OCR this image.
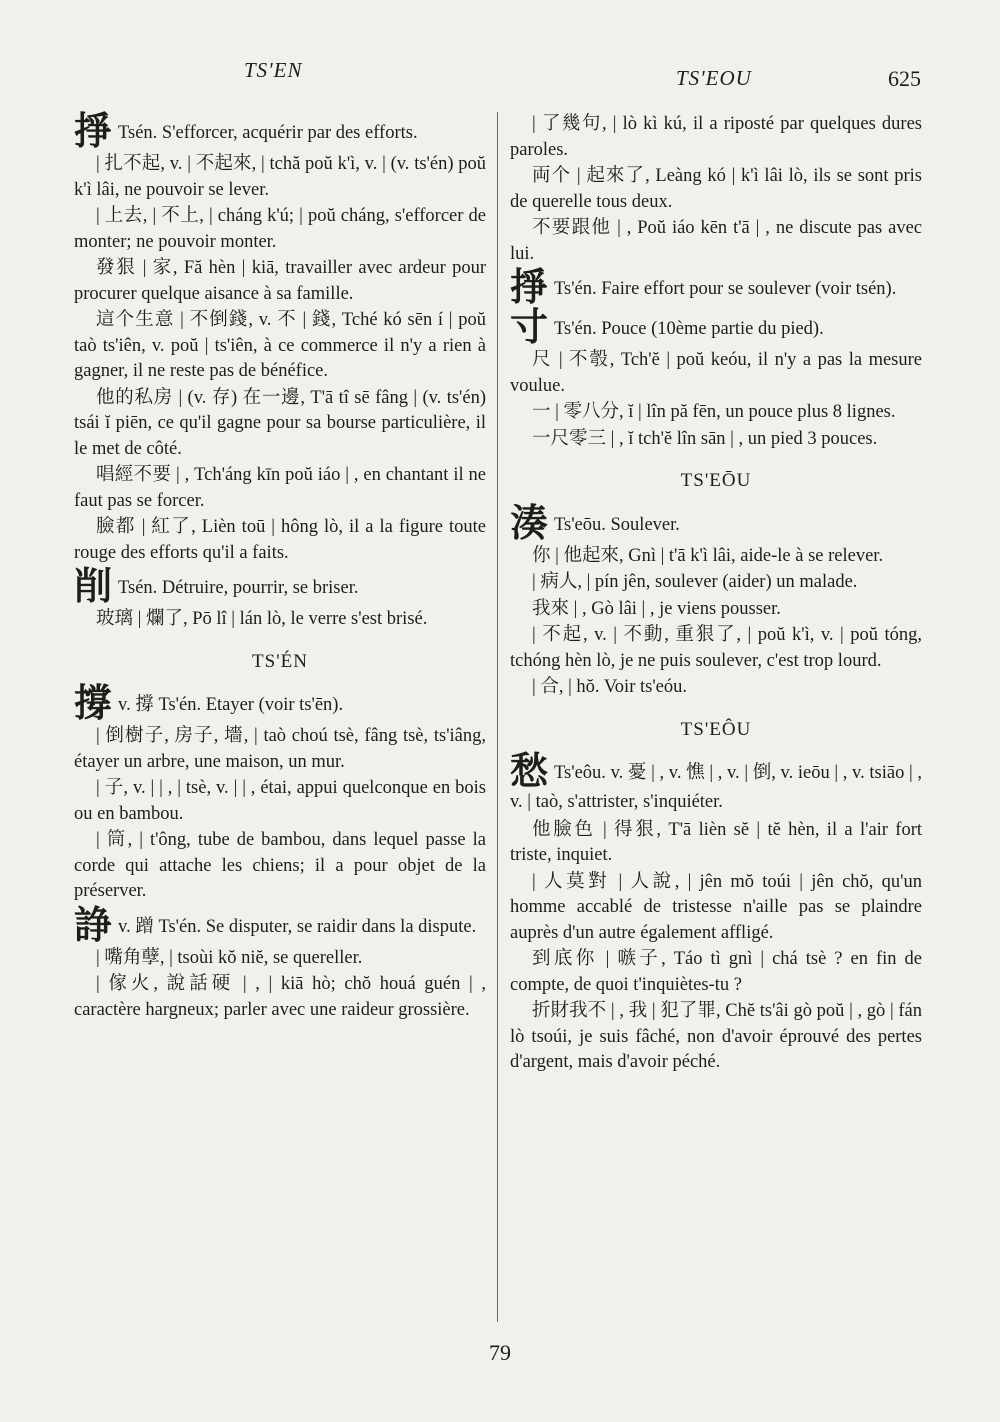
TS'EN	TS'EOU	625
掙 Tsén. S'efforcer, acquérir par des efforts.
| 扎不起, v. | 不起來, | tchă poŭ k'ì, v. | (v. ts'én) poŭ k'ì lâi, ne pouvoir se lever.
| 上去, | 不上, | cháng k'ú; | poŭ cháng, s'efforcer de monter; ne pouvoir monter.
發狠 | 家, Fă hèn | kiā, travailler avec ardeur pour procurer quelque aisance à sa famille.
這个生意 | 不倒錢, v. 不 | 錢, Tché kó sēn í | poŭ taò ts'iên, v. poŭ | ts'iên, à ce commerce il n'y a rien à gagner, il ne reste pas de bénéfice.
他的私房 | (v. 存) 在一邊, T'ā tî sē fâng | (v. ts'én) tsái ĭ piēn, ce qu'il gagne pour sa bourse particulière, il le met de côté.
唱經不要 | , Tch'áng kīn poŭ iáo | , en chantant il ne faut pas se forcer.
臉都 | 紅了, Lièn toū | hông lò, il a la figure toute rouge des efforts qu'il a faits.
削 Tsén. Détruire, pourrir, se briser.
玻璃 | 爛了, Pō lî | lán lò, le verre s'est brisé.
TS'ÉN
撐v. 撐 Ts'én. Etayer (voir ts'ēn).
| 倒樹子, 房子, 墻, | taò choú tsè, fâng tsè, ts'iâng, étayer un arbre, une maison, un mur.
| 子, v. | | , | tsè, v. | | , étai, appui quelconque en bois ou en bambou.
| 筒, | t'ông, tube de bambou, dans lequel passe la corde qui attache les chiens; il a pour objet de la préserver.
諍v. 蹭 Ts'én. Se disputer, se raidir dans la dispute.
| 嘴角孽, | tsoùi kŏ niĕ, se quereller.
| 傢火, 說話硬 | , | kiā hò; chŏ houá guén | , caractère hargneux; parler avec une raideur grossière.
| 了幾句, | lò kì kú, il a riposté par quelques dures paroles.
両个 | 起來了, Leàng kó | k'ì lâi lò, ils se sont pris de querelle tous deux.
不要跟他 | , Poŭ iáo kēn t'ā | , ne discute pas avec lui.
掙 Ts'én. Faire effort pour se soulever (voir tsén).
寸 Ts'én. Pouce (10ème partie du pied).
尺 | 不彀, Tch'ĕ | poŭ keóu, il n'y a pas la mesure voulue.
一 | 零八分, ĭ | lîn pă fēn, un pouce plus 8 lignes.
一尺零三 | , ĭ tch'ĕ lîn sān | , un pied 3 pouces.
TS'EŌU
湊 Ts'eōu. Soulever.
你 | 他起來, Gnì | t'ā k'ì lâi, aide-le à se relever.
| 病人, | pín jên, soulever (aider) un malade.
我來 | , Gò lâi | , je viens pousser.
| 不起, v. | 不動, 重狠了, | poŭ k'ì, v. | poŭ tóng, tchóng hèn lò, je ne puis soulever, c'est trop lourd.
| 合, | hŏ. Voir ts'eóu.
TS'EÔU
愁 Ts'eôu. v. 憂 | , v. 憔 | , v. | 倒, v. ieōu | , v. tsiāo | , v. | taò, s'attrister, s'inquiéter.
他臉色 | 得狠, T'ā lièn sĕ | tĕ hèn, il a l'air fort triste, inquiet.
| 人莫對 | 人說, | jên mŏ toúi | jên chŏ, qu'un homme accablé de tristesse n'aille pas se plaindre auprès d'un autre également affligé.
到底你 | 嗾子, Táo tì gnì | chá tsè ? en fin de compte, de quoi t'inquiètes-tu ?
折財我不 | , 我 | 犯了罪, Chĕ ts'âi gò poŭ | , gò | fán lò tsoúi, je suis fâché, non d'avoir éprouvé des pertes d'argent, mais d'avoir péché.
79
